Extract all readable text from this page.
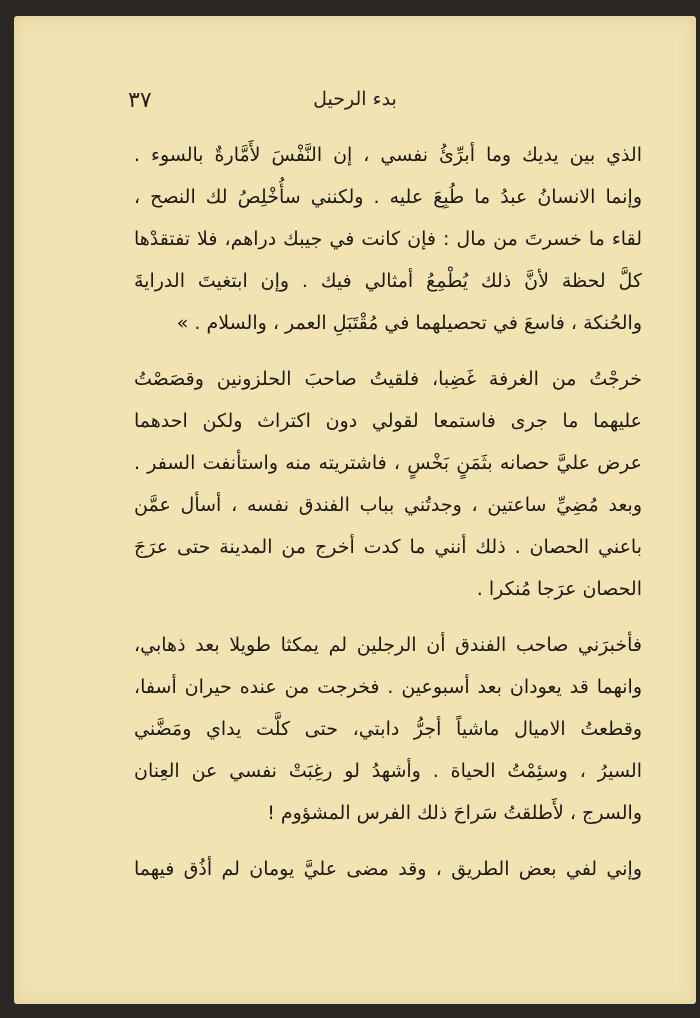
٣٧	بدء الرحيل
الذي بين يديك وما أبرِّئُ نفسي ، إن النَّفْسَ لأَمَّارةٌ بالسوء .
وإنما الانسانُ عبدُ ما طُبِعَ عليه . ولكنني سأُخْلِصُ لك النصح ،
لقاء ما خسرتَ من مال : فإن كانت في جيبك دراهم، فلا تفتقدْها
كلَّ لحظة لأنَّ ذلك يُطْمِعُ أمثالي فيك . وإن ابتغيتَ الدرايةَ
والحُنكة ، فاسعَ في تحصيلهما في مُقْتَبَلِ العمر ، والسلام . »
خرجْتُ من الغرفة غَضِبا، فلقيتُ صاحبَ الحلزونين وقصَصْتُ
عليهما ما جرى فاستمعا لقولي دون اكتراث ولكن احدهما
عرض عليَّ حصانه بثَمَنٍ بَخْسٍ ، فاشتريته منه واستأنفت السفر .
وبعد مُضِيِّ ساعتين ، وجدتُني بباب الفندق نفسه ، أسأل عمَّن
باعني الحصان . ذلك أنني ما كدت أخرج من المدينة حتى عرَجَ
الحصان عرَجا مُنكرا .
فأخبرَني صاحب الفندق أن الرجلين لم يمكثا طويلا بعد ذهابي،
وانهما قد يعودان بعد أسبوعين . فخرجت من عنده حيران أسفا،
وقطعتُ الاميال ماشياً أجرُّ دابتي، حتى كلَّت يداي ومَضَّني
السيرُ ، وسئِمْتُ الحياة . وأشهدُ لو رغِبَتْ نفسي عن العِنان
والسرج ، لأَطلقتُ سَراحَ ذلك الفرس المشؤوم !
وإني لفي بعض الطريق ، وقد مضى عليَّ يومان لم أذُق فيهما
